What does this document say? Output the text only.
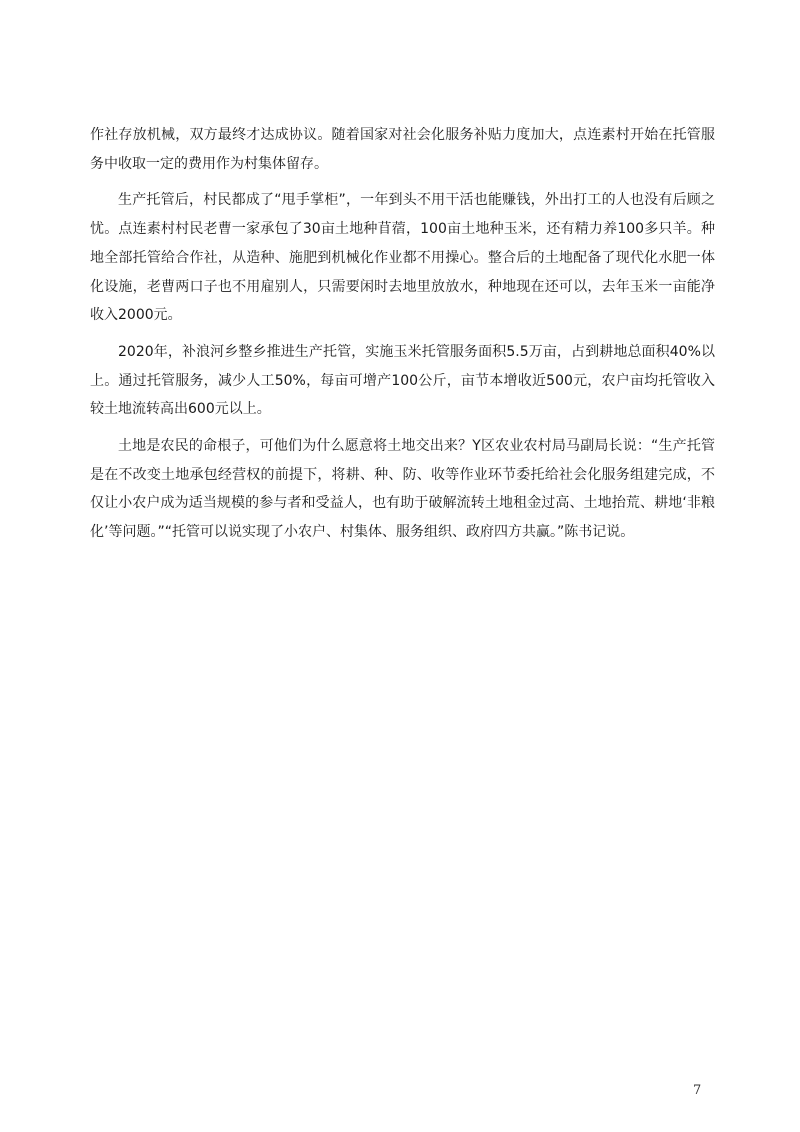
作社存放机械，双方最终才达成协议。随着国家对社会化服务补贴力度加大，点连素村开始在托管服务中收取一定的费用作为村集体留存。

生产托管后，村民都成了“甩手掌柜”，一年到头不用干活也能赚钱，外出打工的人也没有后顾之忧。点连素村村民老曹一家承包了30亩土地种苜蓿，100亩土地种玉米，还有精力养100多只羊。种地全部托管给合作社，从造种、施肥到机械化作业都不用操心。整合后的土地配备了现代化水肥一体化设施，老曹两口子也不用雇别人，只需要闲时去地里放放水，种地现在还可以，去年玉米一亩能净收入2000元。

2020年，补浪河乡整乡推进生产托管，实施玉米托管服务面积5.5万亩，占到耕地总面积40%以上。通过托管服务，减少人工50%，每亩可增产100公斤，亩节本增收近500元，农户亩均托管收入较土地流转高出600元以上。

土地是农民的命根子，可他们为什么愿意将土地交出来？Y区农业农村局马副局长说：“生产托管是在不改变土地承包经营权的前提下，将耕、种、防、收等作业环节委托给社会化服务组建完成，不仅让小农户成为适当规模的参与者和受益人，也有助于破解流转土地租金过高、土地抬荒、耕地‘非粮化’等问题。”“托管可以说实现了小农户、村集体、服务组织、政府四方共赢。”陈书记说。

7
